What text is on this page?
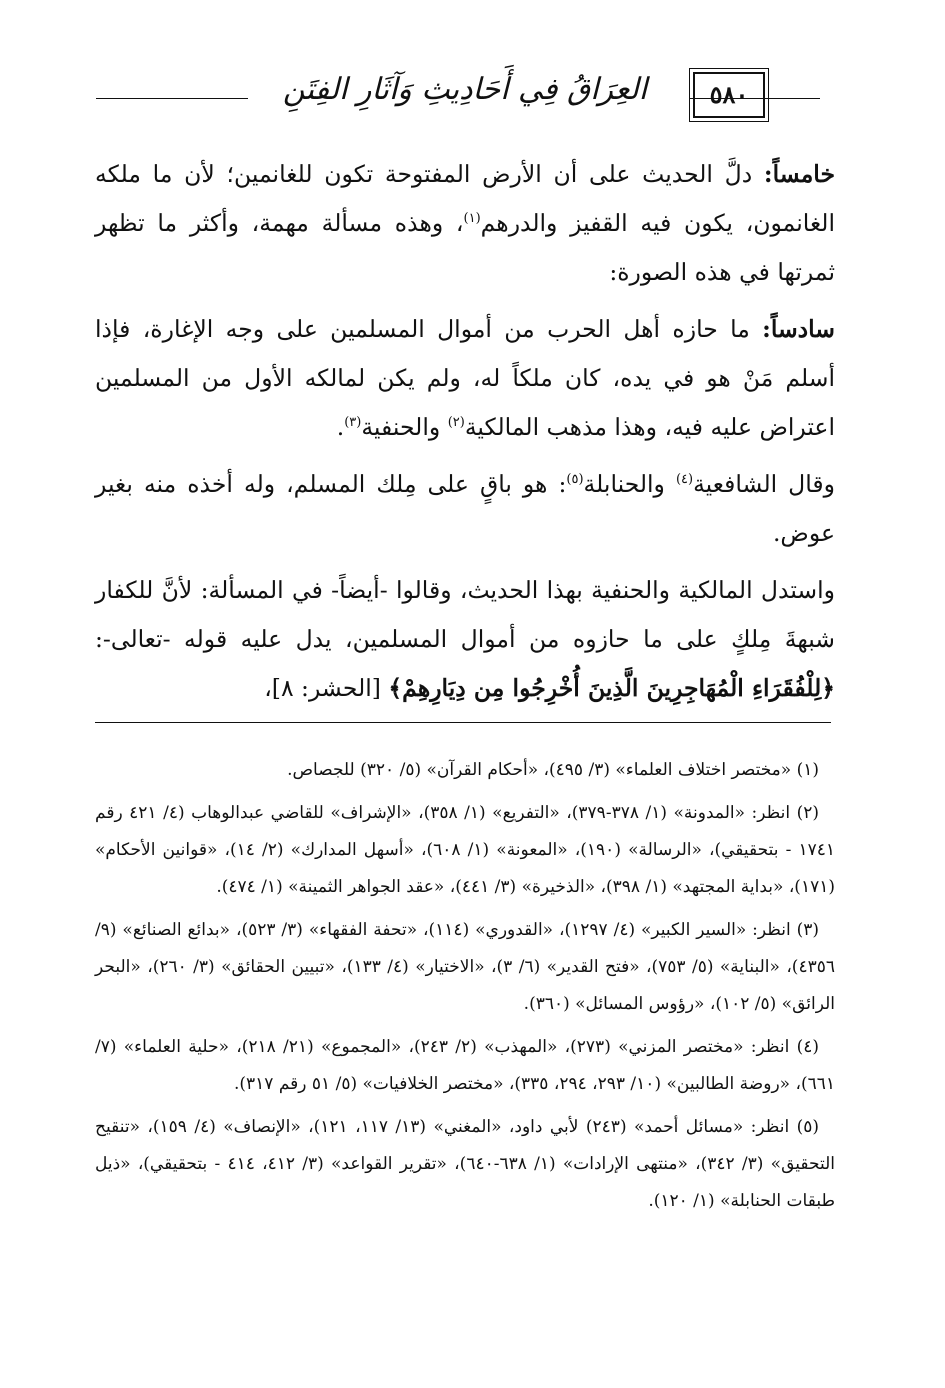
العِرَاقُ فِي أَحَادِيثِ وَآثَارِ الفِتَنِ	٥٨٠

خامساً: دلَّ الحديث على أن الأرض المفتوحة تكون للغانمين؛ لأن ما ملكه الغانمون، يكون فيه القفيز والدرهم$^{(١)}$، وهذه مسألة مهمة، وأكثر ما تظهر ثمرتها في هذه الصورة:

سادساً: ما حازه أهل الحرب من أموال المسلمين على وجه الإغارة، فإذا أسلم مَنْ هو في يده، كان ملكاً له، ولم يكن لمالكه الأول من المسلمين اعتراض عليه فيه، وهذا مذهب المالكية$^{(٢)}$ والحنفية$^{(٣)}$.

وقال الشافعية$^{(٤)}$ والحنابلة$^{(٥)}$: هو باقٍ على مِلك المسلم، وله أخذه منه بغير عوض.

واستدل المالكية والحنفية بهذا الحديث، وقالوا -أيضاً- في المسألة: لأنَّ للكفار شبهةَ مِلكٍ على ما حازوه من أموال المسلمين، يدل عليه قوله -تعالى-: ﴿لِلْفُقَرَاءِ الْمُهَاجِرِينَ الَّذِينَ أُخْرِجُوا مِن دِيَارِهِمْ﴾ [الحشر: ٨]،

(١) «مختصر اختلاف العلماء» (٣/ ٤٩٥)، «أحكام القرآن» (٥/ ٣٢٠) للجصاص.

(٢) انظر: «المدونة» (١/ ٣٧٨-٣٧٩)، «التفريع» (١/ ٣٥٨)، «الإشراف» للقاضي عبدالوهاب (٤/ ٤٢١ رقم ١٧٤١ - بتحقيقي)، «الرسالة» (١٩٠)، «المعونة» (١/ ٦٠٨)، «أسهل المدارك» (٢/ ١٤)، «قوانين الأحكام» (١٧١)، «بداية المجتهد» (١/ ٣٩٨)، «الذخيرة» (٣/ ٤٤١)، «عقد الجواهر الثمينة» (١/ ٤٧٤).

(٣) انظر: «السير الكبير» (٤/ ١٢٩٧)، «القدوري» (١١٤)، «تحفة الفقهاء» (٣/ ٥٢٣)، «بدائع الصنائع» (٩/ ٤٣٥٦)، «البناية» (٥/ ٧٥٣)، «فتح القدير» (٦/ ٣)، «الاختيار» (٤/ ١٣٣)، «تبيين الحقائق» (٣/ ٢٦٠)، «البحر الرائق» (٥/ ١٠٢)، «رؤوس المسائل» (٣٦٠).

(٤) انظر: «مختصر المزني» (٢٧٣)، «المهذب» (٢/ ٢٤٣)، «المجموع» (٢١/ ٢١٨)، «حلية العلماء» (٧/ ٦٦١)، «روضة الطالبين» (١٠/ ٢٩٣، ٢٩٤، ٣٣٥)، «مختصر الخلافيات» (٥/ ٥١ رقم ٣١٧).

(٥) انظر: «مسائل أحمد» (٢٤٣) لأبي داود، «المغني» (١٣/ ١١٧، ١٢١)، «الإنصاف» (٤/ ١٥٩)، «تنقيح التحقيق» (٣/ ٣٤٢)، «منتهى الإرادات» (١/ ٦٣٨-٦٤٠)، «تقرير القواعد» (٣/ ٤١٢، ٤١٤ - بتحقيقي)، «ذيل طبقات الحنابلة» (١/ ١٢٠).
